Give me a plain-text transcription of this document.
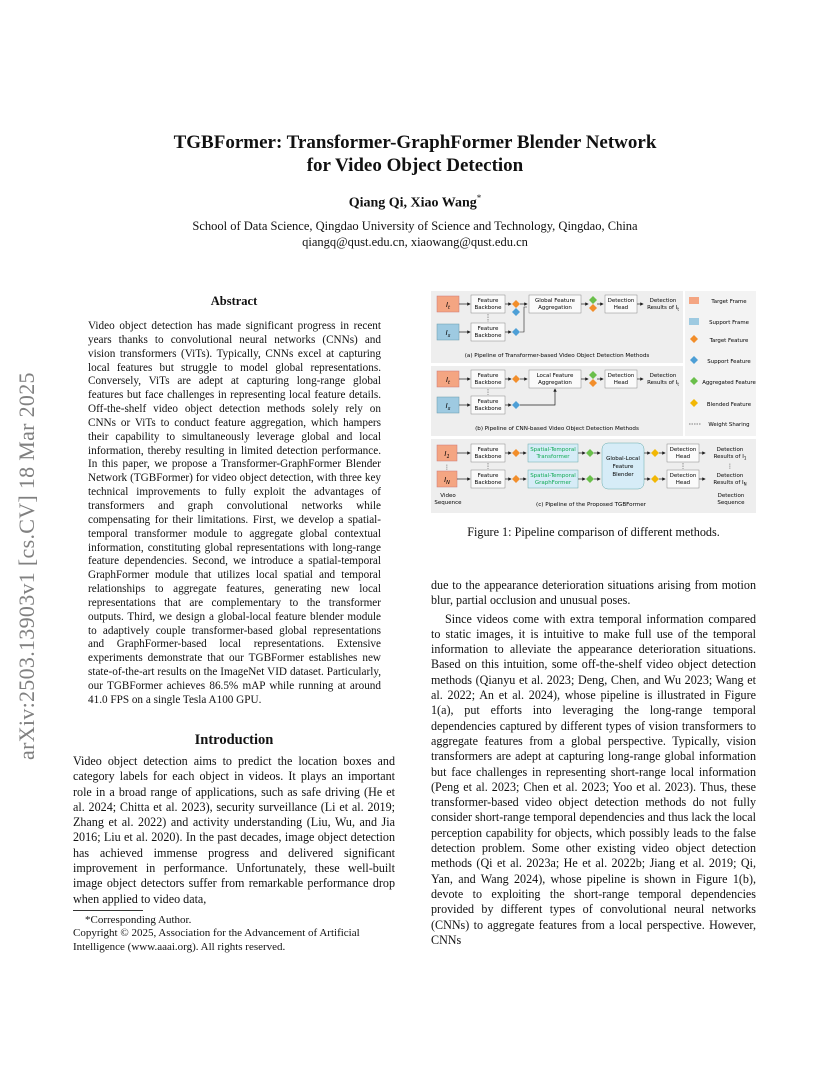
arXiv:2503.13903v1 [cs.CV] 18 Mar 2025
TGBFormer: Transformer-GraphFormer Blender Network
for Video Object Detection
Qiang Qi, Xiao Wang*
School of Data Science, Qingdao University of Science and Technology, Qingdao, China
qiangq@qust.edu.cn, xiaowang@qust.edu.cn
Abstract
Video object detection has made significant progress in recent years thanks to convolutional neural networks (CNNs) and vision transformers (ViTs). Typically, CNNs excel at capturing local features but struggle to model global representations. Conversely, ViTs are adept at capturing long-range global features but face challenges in representing local feature details. Off-the-shelf video object detection methods solely rely on CNNs or ViTs to conduct feature aggregation, which hampers their capability to simultaneously leverage global and local information, thereby resulting in limited detection performance. In this paper, we propose a Transformer-GraphFormer Blender Network (TGBFormer) for video object detection, with three key technical improvements to fully exploit the advantages of transformers and graph convolutional networks while compensating for their limitations. First, we develop a spatial-temporal transformer module to aggregate global contextual information, constituting global representations with long-range feature dependencies. Second, we introduce a spatial-temporal GraphFormer module that utilizes local spatial and temporal relationships to aggregate features, generating new local representations that are complementary to the transformer outputs. Third, we design a global-local feature blender module to adaptively couple transformer-based global representations and GraphFormer-based local representations. Extensive experiments demonstrate that our TGBFormer establishes new state-of-the-art results on the ImageNet VID dataset. Particularly, our TGBFormer achieves 86.5% mAP while running at around 41.0 FPS on a single Tesla A100 GPU.
Introduction
Video object detection aims to predict the location boxes and category labels for each object in videos. It plays an important role in a broad range of applications, such as safe driving (He et al. 2024; Chitta et al. 2023), security surveillance (Li et al. 2019; Zhang et al. 2022) and activity understanding (Liu, Wu, and Jia 2016; Liu et al. 2020). In the past decades, image object detection has achieved immense progress and delivered significant improvement in performance. Unfortunately, these well-built image object detectors suffer from remarkable performance drop when applied to video data,
*Corresponding Author.
Copyright © 2025, Association for the Advancement of Artificial Intelligence (www.aaai.org). All rights reserved.
$I_t$
$I_s$
Feature
Backbone
Feature
Backbone
Global Feature
Aggregation
Detection
Head
Detection
Results of $I_t$
(a) Pipeline of Transformer-based Video Object Detection Methods
$I_t$
$I_s$
Feature
Backbone
Feature
Backbone
Local Feature
Aggregation
Detection
Head
Detection
Results of $I_t$
(b) Pipeline of CNN-based Video Object Detection Methods
Target Frame
Support Frame
Target Feature
Support Feature
Aggregated Feature
Blended Feature
Weight Sharing
$I_1$
⋮
$I_N$
Video
Sequence
Feature
Backbone
Feature
Backbone
Spatial-Temporal
Transformer
Spatial-Temporal
GraphFormer
Global-Local
Feature
Blender
Detection
Head
Detection
Head
Detection
Results of $I_1$
⋮
Detection
Results of $I_N$
Detection
Sequence
(c) Pipeline of the Proposed TGBFormer
Figure 1: Pipeline comparison of different methods.

due to the appearance deterioration situations arising from motion blur, partial occlusion and unusual poses.

Since videos come with extra temporal information compared to static images, it is intuitive to make full use of the temporal information to alleviate the appearance deterioration situations. Based on this intuition, some off-the-shelf video object detection methods (Qianyu et al. 2023; Deng, Chen, and Wu 2023; Wang et al. 2022; An et al. 2024), whose pipeline is illustrated in Figure 1(a), put efforts into leveraging the long-range temporal dependencies captured by different types of vision transformers to aggregate features from a global perspective. Typically, vision transformers are adept at capturing long-range global information but face challenges in representing short-range local information (Peng et al. 2023; Chen et al. 2023; Yoo et al. 2023). Thus, these transformer-based video object detection methods do not fully consider short-range temporal dependencies and thus lack the local perception capability for objects, which possibly leads to the false detection problem. Some other existing video object detection methods (Qi et al. 2023a; He et al. 2022b; Jiang et al. 2019; Qi, Yan, and Wang 2024), whose pipeline is shown in Figure 1(b), devote to exploiting the short-range temporal dependencies provided by different types of convolutional neural networks (CNNs) to aggregate features from a local perspective. However, CNNs
